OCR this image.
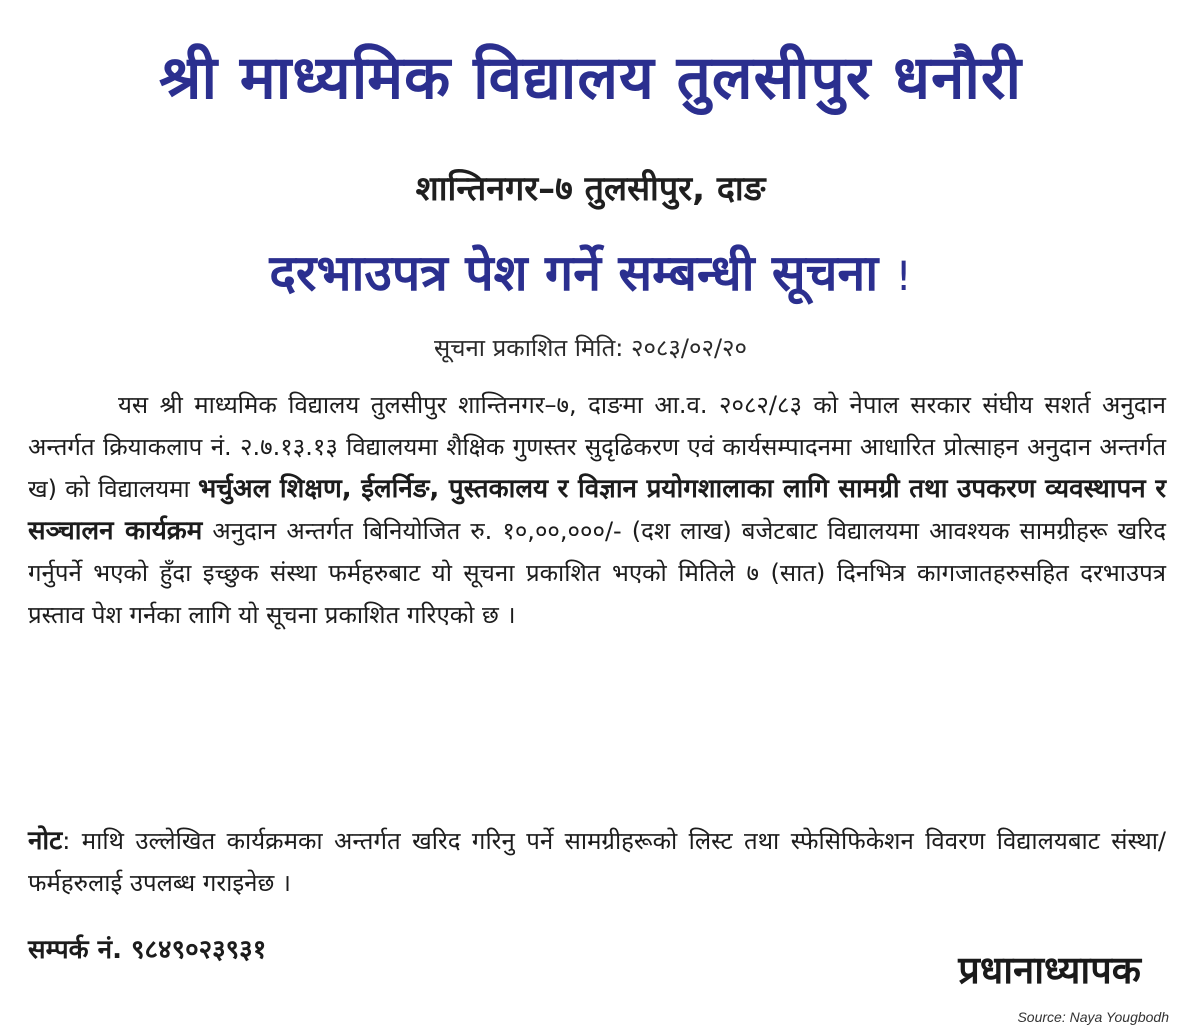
श्री माध्यमिक विद्यालय तुलसीपुर धनौरी
शान्तिनगर–७ तुलसीपुर, दाङ
दरभाउपत्र पेश गर्ने सम्बन्धी सूचना !
सूचना प्रकाशित मिति: २०८३/०२/२०

यस श्री माध्यमिक विद्यालय तुलसीपुर शान्तिनगर–७, दाङमा आ.व. २०८२/८३ को नेपाल सरकार संघीय सशर्त अनुदान अन्तर्गत क्रियाकलाप नं. २.७.१३.१३ विद्यालयमा शैक्षिक गुणस्तर सुदृढिकरण एवं कार्यसम्पादनमा आधारित प्रोत्साहन अनुदान अन्तर्गत ख) को विद्यालयमा भर्चुअल शिक्षण, ईलर्निङ, पुस्तकालय र विज्ञान प्रयोगशालाका लागि सामग्री तथा उपकरण व्यवस्थापन र सञ्चालन कार्यक्रम अनुदान अन्तर्गत बिनियोजित रु. १०,००,०००/- (दश लाख) बजेटबाट विद्यालयमा आवश्यक सामग्रीहरू खरिद गर्नुपर्ने भएको हुँदा इच्छुक संस्था फर्महरुबाट यो सूचना प्रकाशित भएको मितिले ७ (सात) दिनभित्र कागजातहरुसहित दरभाउपत्र प्रस्ताव पेश गर्नका लागि यो सूचना प्रकाशित गरिएको छ ।

नोट: माथि उल्लेखित कार्यक्रमका अन्तर्गत खरिद गरिनु पर्ने सामग्रीहरूको लिस्ट तथा स्फेसिफिकेशन विवरण विद्यालयबाट संस्था/फर्महरुलाई उपलब्ध गराइनेछ ।

सम्पर्क नं. ९८४९०२३९३१	प्रधानाध्यापक
Source: Naya Yougbodh
